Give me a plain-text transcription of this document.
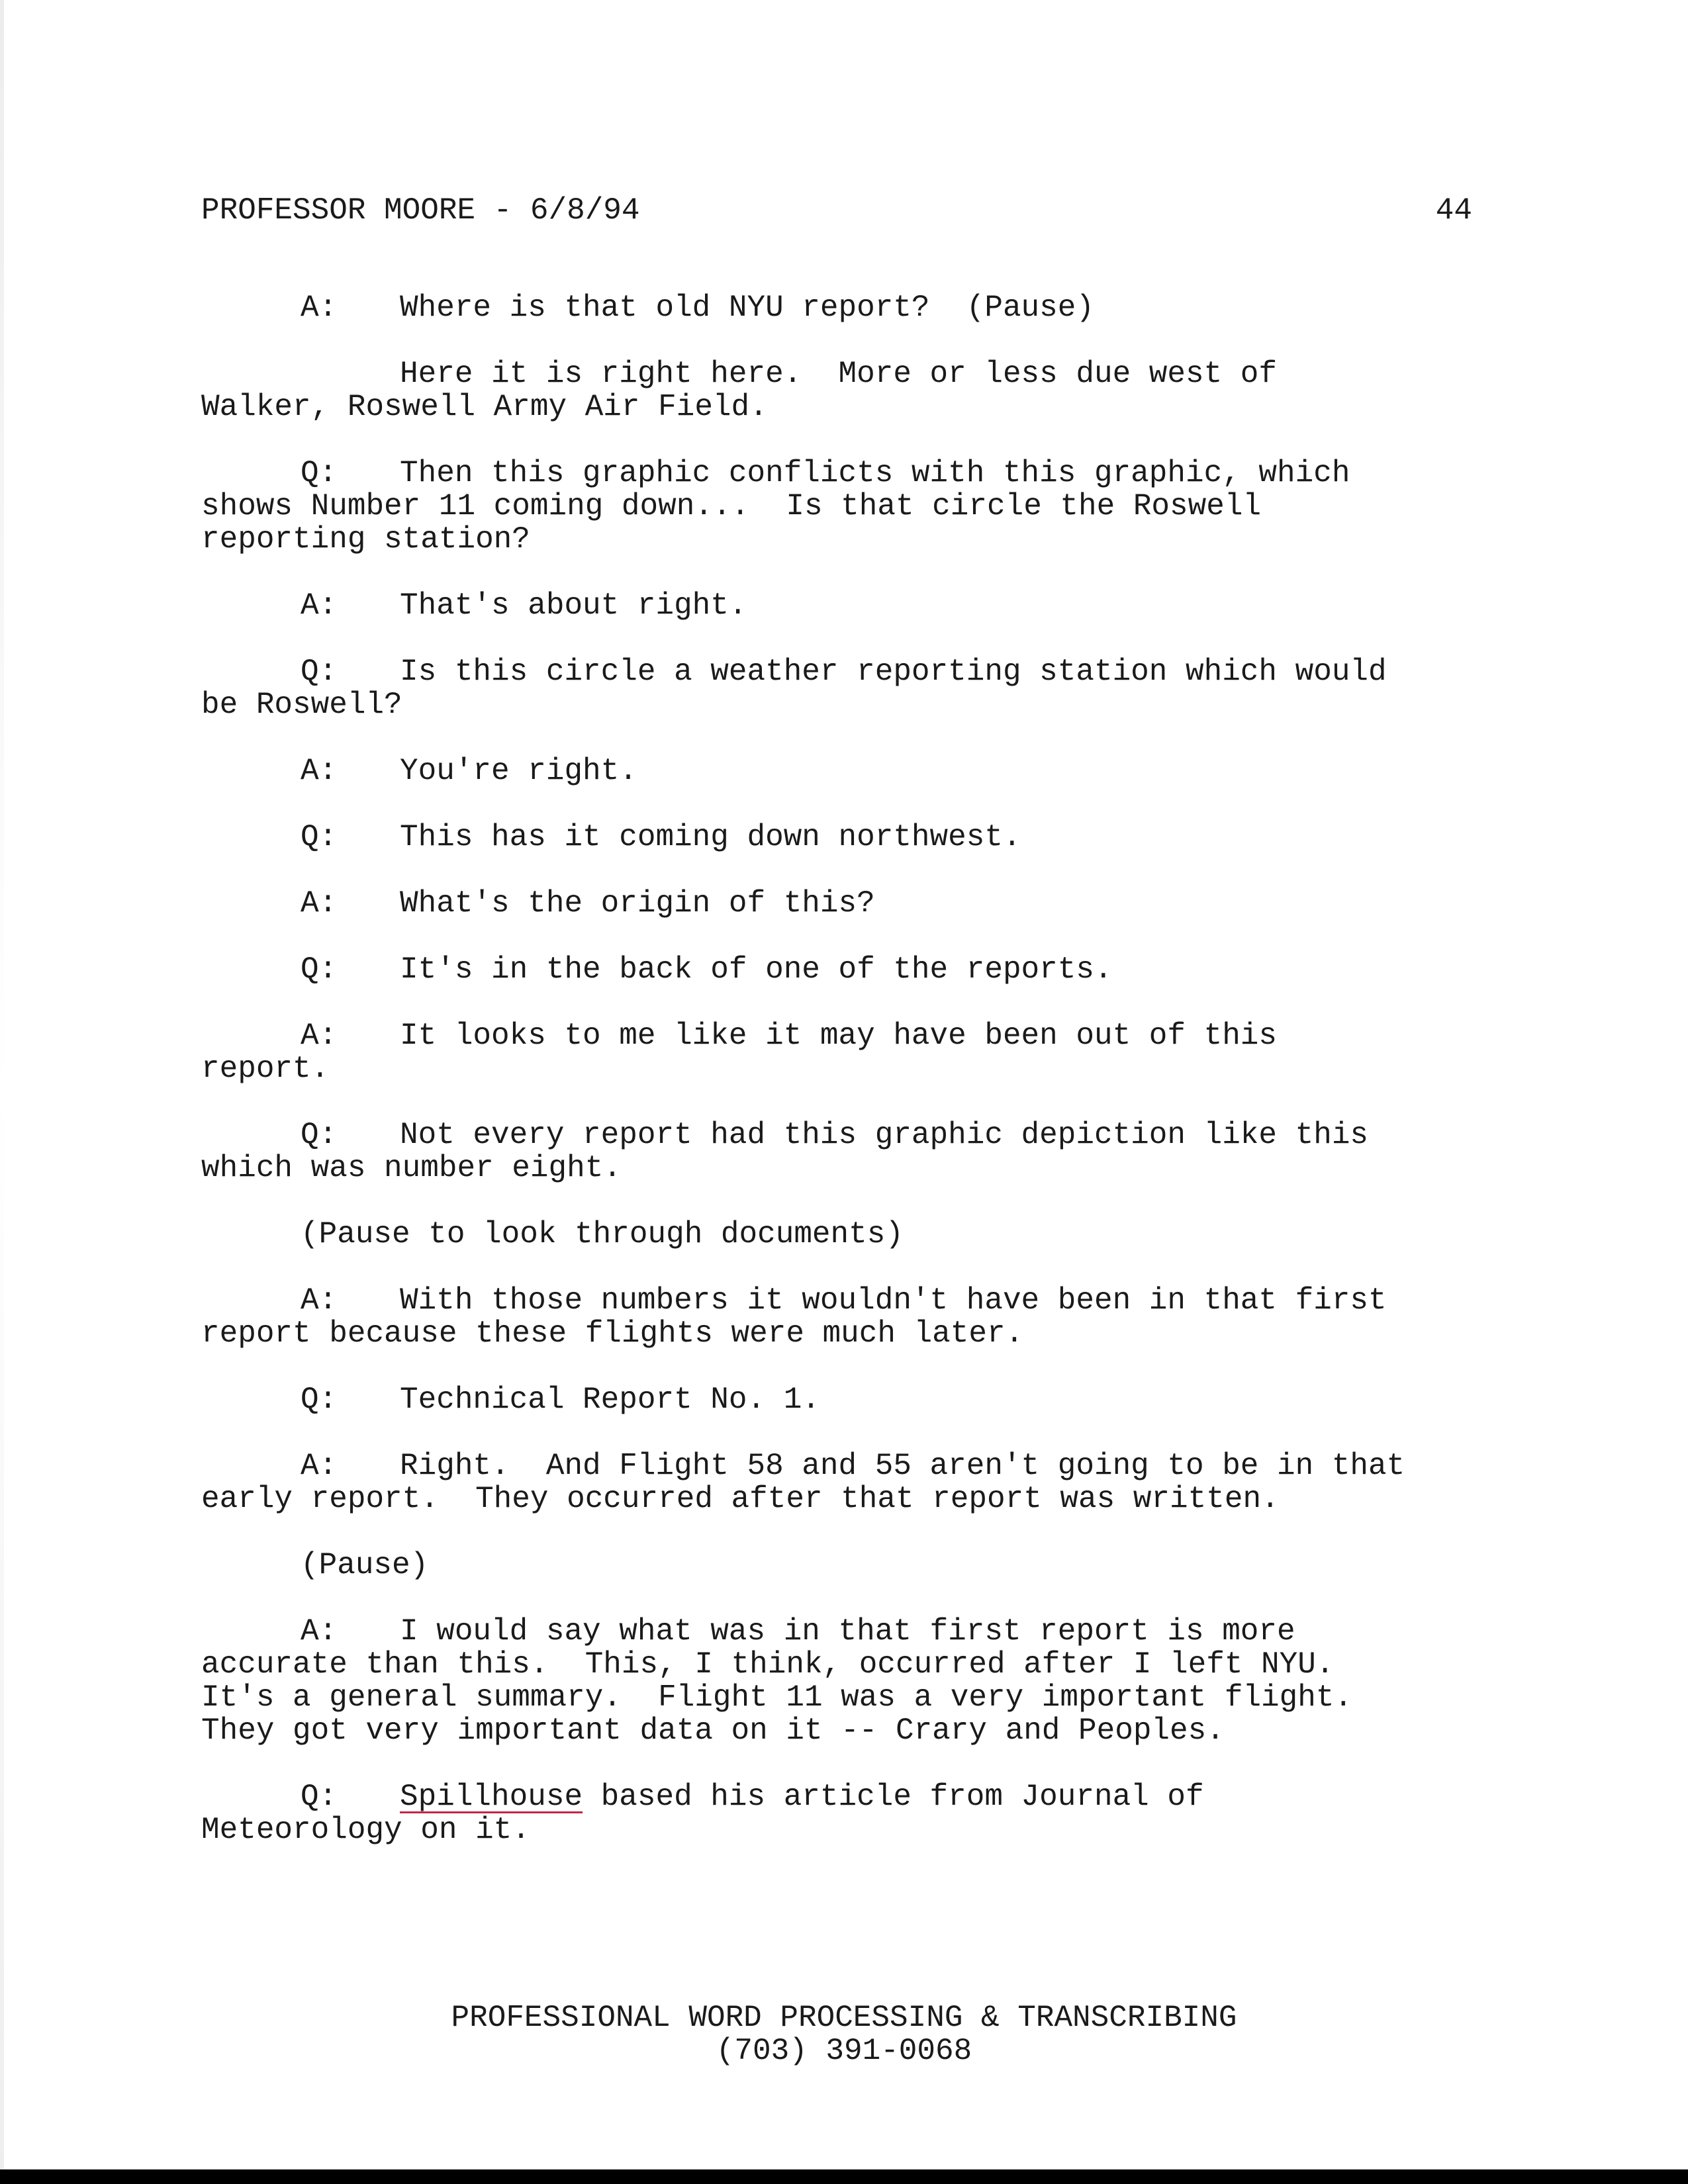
PROFESSOR MOORE - 6/8/94	44
A: Where is that old NYU report?  (Pause)
Here it is right here.  More or less due west of
Walker, Roswell Army Air Field.
Q: Then this graphic conflicts with this graphic, which
shows Number 11 coming down...  Is that circle the Roswell
reporting station?
A: That's about right.
Q: Is this circle a weather reporting station which would
be Roswell?
A: You're right.
Q: This has it coming down northwest.
A: What's the origin of this?
Q: It's in the back of one of the reports.
A: It looks to me like it may have been out of this
report.
Q: Not every report had this graphic depiction like this
which was number eight.
(Pause to look through documents)
A: With those numbers it wouldn't have been in that first
report because these flights were much later.
Q: Technical Report No. 1.
A: Right.  And Flight 58 and 55 aren't going to be in that
early report.  They occurred after that report was written.
(Pause)
A: I would say what was in that first report is more
accurate than this.  This, I think, occurred after I left NYU.
It's a general summary.  Flight 11 was a very important flight.
They got very important data on it -- Crary and Peoples.
Q: Spillhouse based his article from Journal of
Meteorology on it.
PROFESSIONAL WORD PROCESSING & TRANSCRIBING
(703) 391-0068
